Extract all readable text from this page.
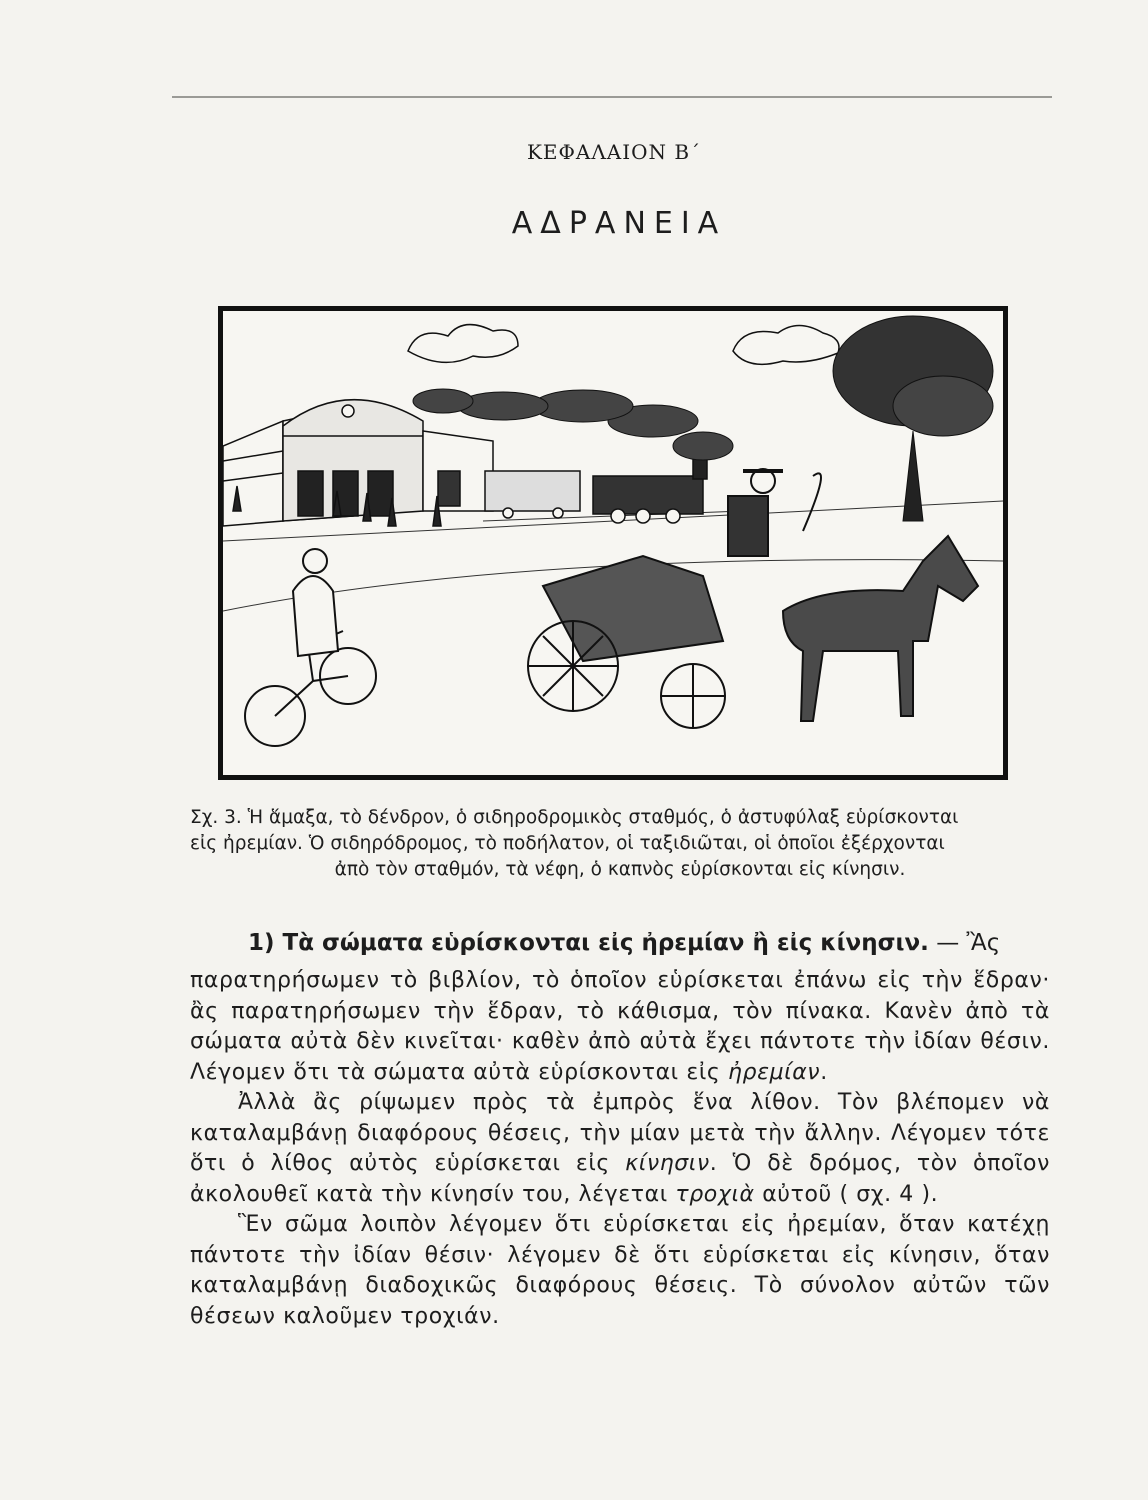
ΚΕΦΑΛΑΙΟΝ Β΄
ΑΔΡΑΝΕΙΑ
Σχ. 3. Ἡ ἅμαξα, τὸ δένδρον, ὁ σιδηροδρομικὸς σταθμός, ὁ ἀστυφύλαξ εὑρίσκονται
εἰς ἠρεμίαν. Ὁ σιδηρόδρομος, τὸ ποδήλατον, οἱ ταξιδιῶται, οἱ ὁποῖοι ἐξέρχονται
ἀπὸ τὸν σταθμόν, τὰ νέφη, ὁ καπνὸς εὑρίσκονται εἰς κίνησιν.
1) Τὰ σώματα εὑρίσκονται εἰς ἠρεμίαν ἢ εἰς κίνησιν. — Ἂς

παρατηρήσωμεν τὸ βιβλίον, τὸ ὁποῖον εὑρίσκεται ἐπάνω εἰς τὴν ἕδραν· ἂς παρατηρήσωμεν τὴν ἕδραν, τὸ κάθισμα, τὸν πίνακα. Κανὲν ἀπὸ τὰ σώματα αὐτὰ δὲν κινεῖται· καθὲν ἀπὸ αὐτὰ ἔχει πάντοτε τὴν ἰδίαν θέσιν. Λέγομεν ὅτι τὰ σώματα αὐτὰ εὑρίσκονται εἰς ἠρεμίαν.

Ἀλλὰ ἂς ρίψωμεν πρὸς τὰ ἐμπρὸς ἕνα λίθον. Τὸν βλέπομεν νὰ καταλαμβάνῃ διαφόρους θέσεις, τὴν μίαν μετὰ τὴν ἄλλην. Λέγομεν τότε ὅτι ὁ λίθος αὐτὸς εὑρίσκεται εἰς κίνησιν. Ὁ δὲ δρόμος, τὸν ὁποῖον ἀκολουθεῖ κατὰ τὴν κίνησίν του, λέγεται τροχιὰ αὐτοῦ ( σχ. 4 ).

Ἓν σῶμα λοιπὸν λέγομεν ὅτι εὑρίσκεται εἰς ἠρεμίαν, ὅταν κατέχῃ πάντοτε τὴν ἰδίαν θέσιν· λέγομεν δὲ ὅτι εὑρίσκεται εἰς κίνησιν, ὅταν καταλαμβάνῃ διαδοχικῶς διαφόρους θέσεις. Τὸ σύνολον αὐτῶν τῶν θέσεων καλοῦμεν τροχιάν.
